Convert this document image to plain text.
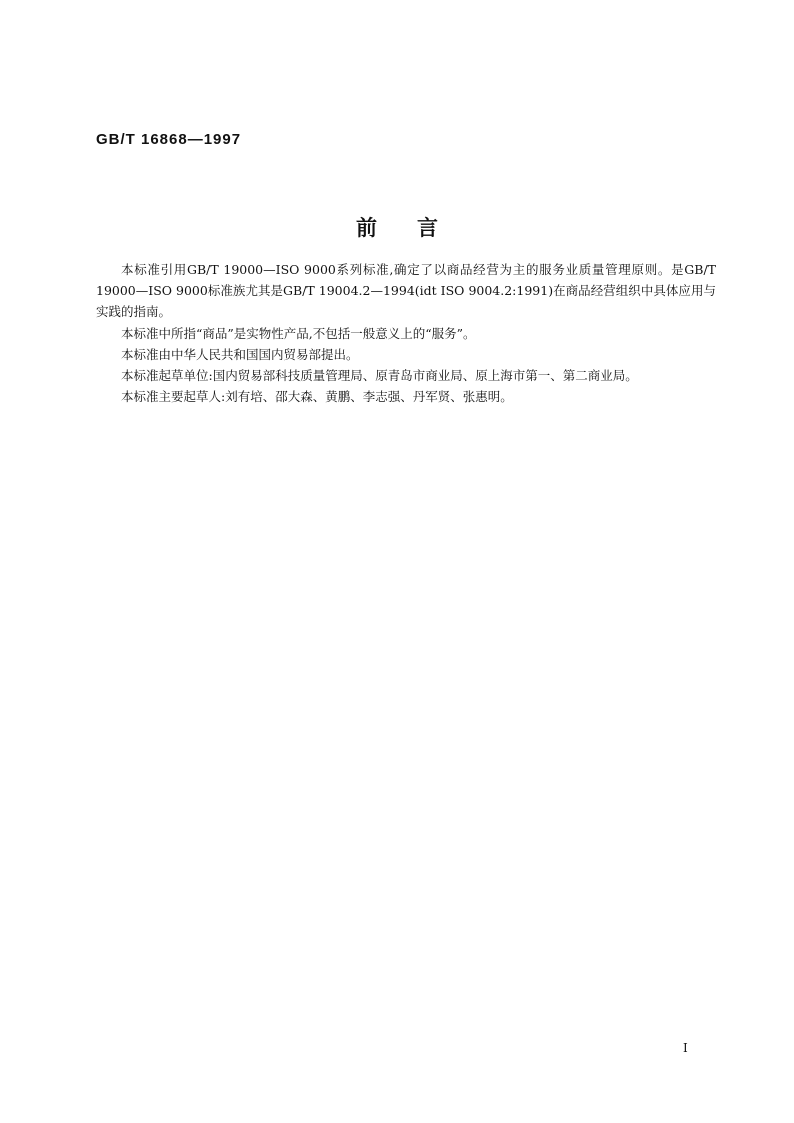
GB/T 16868—1997
前言

本标准引用GB/T 19000—ISO 9000系列标准,确定了以商品经营为主的服务业质量管理原则。是GB/T 19000—ISO 9000标准族尤其是GB/T 19004.2—1994(idt ISO 9004.2:1991)在商品经营组织中具体应用与实践的指南。

本标准中所指“商品”是实物性产品,不包括一般意义上的“服务”。

本标准由中华人民共和国国内贸易部提出。

本标准起草单位:国内贸易部科技质量管理局、原青岛市商业局、原上海市第一、第二商业局。

本标准主要起草人:刘有培、邵大森、黄鹏、李志强、丹军贤、张惠明。

I
